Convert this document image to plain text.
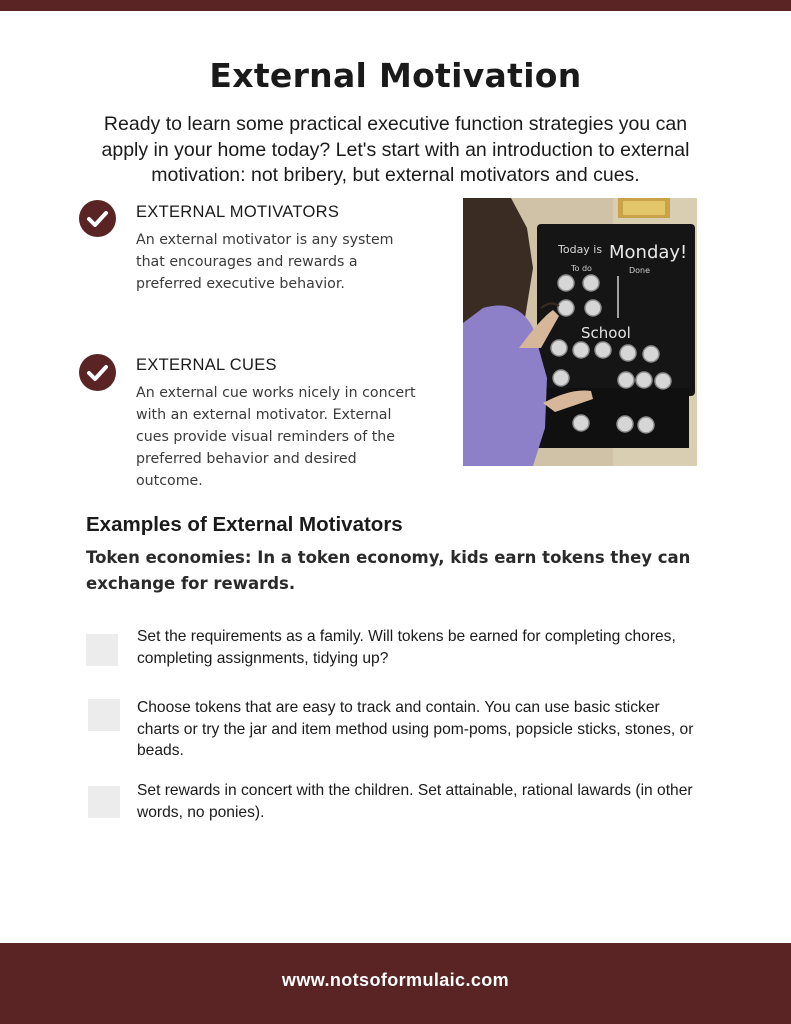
External Motivation
Ready to learn some practical executive function strategies you can apply in your home today? Let's start with an introduction to external motivation: not bribery, but external motivators and cues.
EXTERNAL MOTIVATORS
An external motivator is any system that encourages and rewards a preferred executive behavior.
EXTERNAL CUES
An external cue works nicely in concert with an external motivator. External cues provide visual reminders of the preferred behavior and desired outcome.
Today is Monday!
To do	Done
School
Examples of External Motivators
Token economies: In a token economy, kids earn tokens they can exchange for rewards.
Set the requirements as a family. Will tokens be earned for completing chores, completing assignments, tidying up?
Choose tokens that are easy to track and contain. You can use basic sticker charts or try the jar and item method using pom-poms, popsicle sticks, stones, or beads.
Set rewards in concert with the children. Set attainable, rational lawards (in other words, no ponies).
www.notsoformulaic.com
